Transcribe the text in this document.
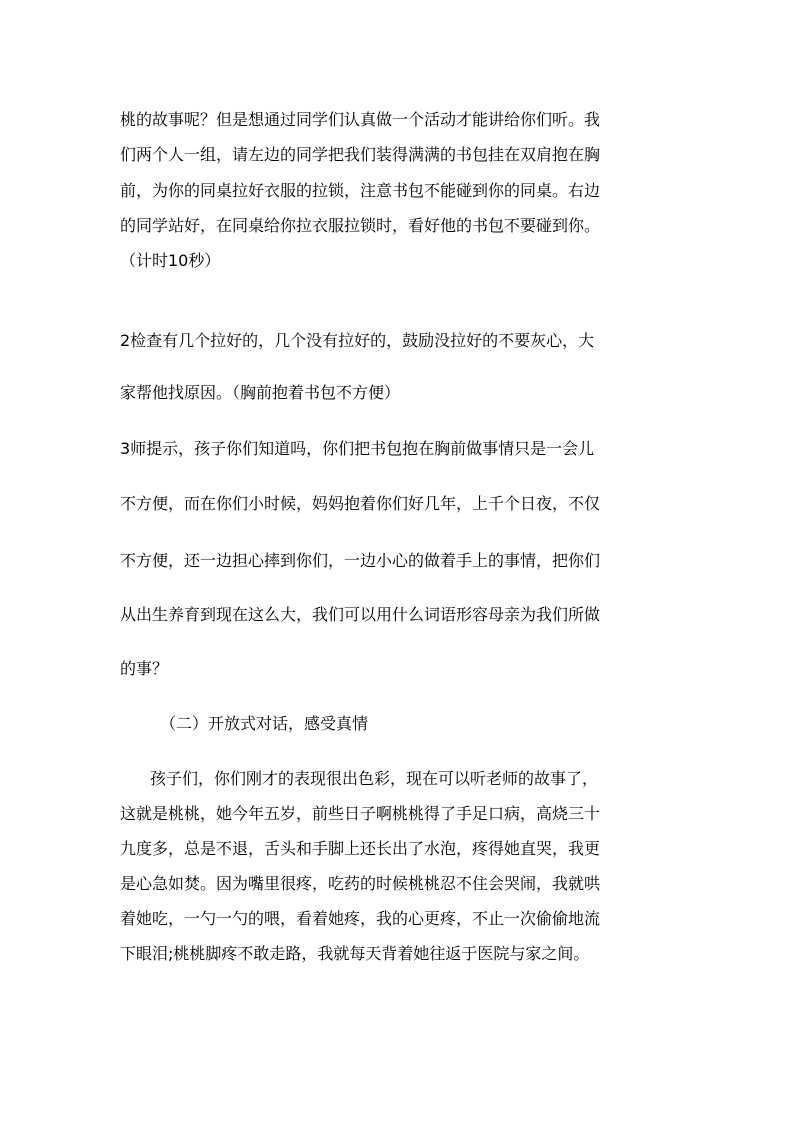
桃的故事呢？但是想通过同学们认真做一个活动才能讲给你们听。我
们两个人一组，请左边的同学把我们装得满满的书包挂在双肩抱在胸
前，为你的同桌拉好衣服的拉锁，注意书包不能碰到你的同桌。右边
的同学站好，在同桌给你拉衣服拉锁时，看好他的书包不要碰到你。
（计时10秒）
2检查有几个拉好的，几个没有拉好的，鼓励没拉好的不要灰心，大
家帮他找原因。（胸前抱着书包不方便）
3师提示，孩子你们知道吗，你们把书包抱在胸前做事情只是一会儿
不方便，而在你们小时候，妈妈抱着你们好几年，上千个日夜，不仅
不方便，还一边担心摔到你们，一边小心的做着手上的事情，把你们
从出生养育到现在这么大，我们可以用什么词语形容母亲为我们所做
的事？
（二）开放式对话，感受真情
孩子们，你们刚才的表现很出色彩，现在可以听老师的故事了，
这就是桃桃，她今年五岁，前些日子啊桃桃得了手足口病，高烧三十
九度多，总是不退，舌头和手脚上还长出了水泡，疼得她直哭，我更
是心急如焚。因为嘴里很疼，吃药的时候桃桃忍不住会哭闹，我就哄
着她吃，一勺一勺的喂，看着她疼，我的心更疼，不止一次偷偷地流
下眼泪;桃桃脚疼不敢走路，我就每天背着她往返于医院与家之间。
